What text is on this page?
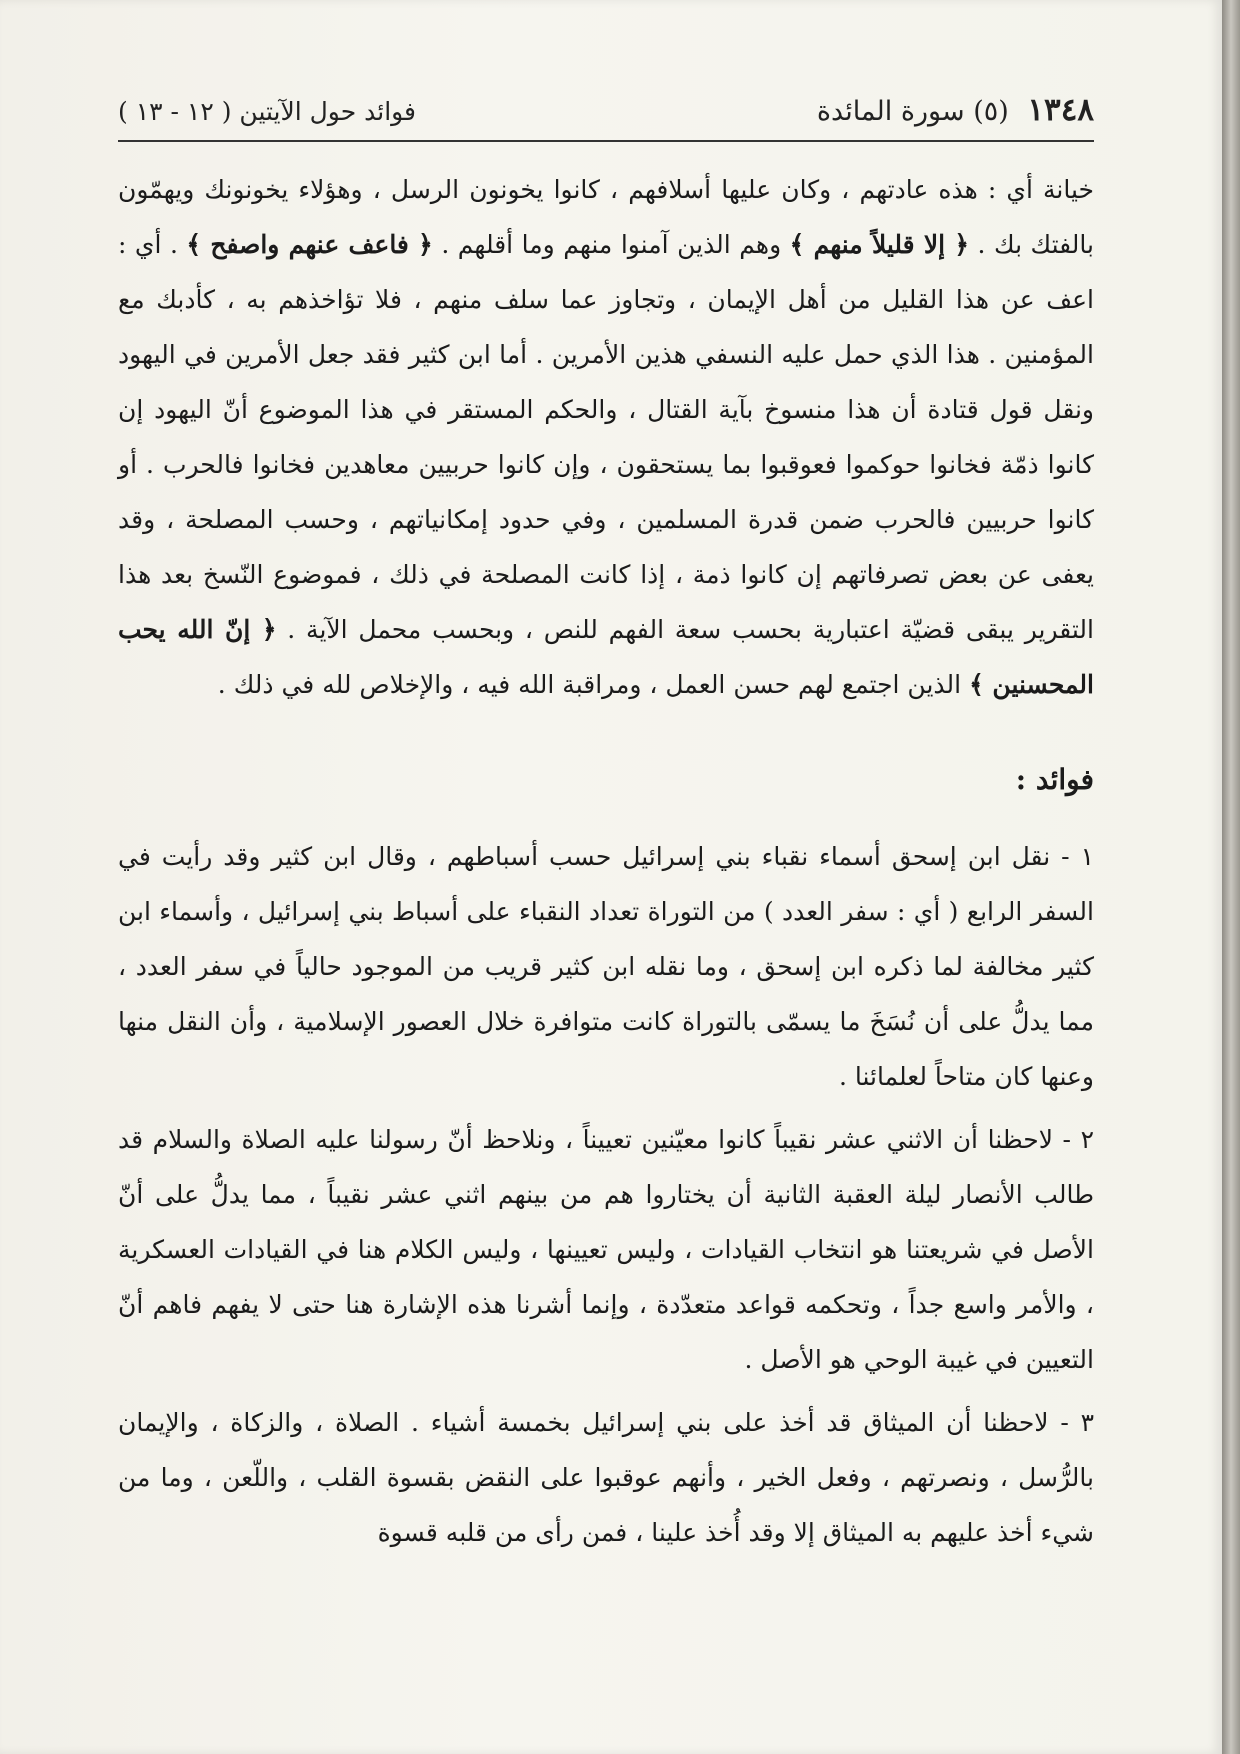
١٣٤٨ (٥) سورة المائدة
فوائد حول الآيتين ( ١٢ - ١٣ )

خيانة أي : هذه عادتهم ، وكان عليها أسلافهم ، كانوا يخونون الرسل ، وهؤلاء يخونونك ويهمّون بالفتك بك . ﴿ إلا قليلاً منهم ﴾ وهم الذين آمنوا منهم وما أقلهم . ﴿ فاعف عنهم واصفح ﴾ . أي : اعف عن هذا القليل من أهل الإيمان ، وتجاوز عما سلف منهم ، فلا تؤاخذهم به ، كأدبك مع المؤمنين . هذا الذي حمل عليه النسفي هذين الأمرين . أما ابن كثير فقد جعل الأمرين في اليهود ونقل قول قتادة أن هذا منسوخ بآية القتال ، والحكم المستقر في هذا الموضوع أنّ اليهود إن كانوا ذمّة فخانوا حوكموا فعوقبوا بما يستحقون ، وإن كانوا حربيين معاهدين فخانوا فالحرب . أو كانوا حربيين فالحرب ضمن قدرة المسلمين ، وفي حدود إمكانياتهم ، وحسب المصلحة ، وقد يعفى عن بعض تصرفاتهم إن كانوا ذمة ، إذا كانت المصلحة في ذلك ، فموضوع النّسخ بعد هذا التقرير يبقى قضيّة اعتبارية بحسب سعة الفهم للنص ، وبحسب محمل الآية . ﴿ إنّ الله يحب المحسنين ﴾ الذين اجتمع لهم حسن العمل ، ومراقبة الله فيه ، والإخلاص لله في ذلك .

فوائد :

١ - نقل ابن إسحق أسماء نقباء بني إسرائيل حسب أسباطهم ، وقال ابن كثير وقد رأيت في السفر الرابع ( أي : سفر العدد ) من التوراة تعداد النقباء على أسباط بني إسرائيل ، وأسماء ابن كثير مخالفة لما ذكره ابن إسحق ، وما نقله ابن كثير قريب من الموجود حالياً في سفر العدد ، مما يدلُّ على أن نُسَخَ ما يسمّى بالتوراة كانت متوافرة خلال العصور الإسلامية ، وأن النقل منها وعنها كان متاحاً لعلمائنا .

٢ - لاحظنا أن الاثني عشر نقيباً كانوا معيّنين تعييناً ، ونلاحظ أنّ رسولنا عليه الصلاة والسلام قد طالب الأنصار ليلة العقبة الثانية أن يختاروا هم من بينهم اثني عشر نقيباً ، مما يدلُّ على أنّ الأصل في شريعتنا هو انتخاب القيادات ، وليس تعيينها ، وليس الكلام هنا في القيادات العسكرية ، والأمر واسع جداً ، وتحكمه قواعد متعدّدة ، وإنما أشرنا هذه الإشارة هنا حتى لا يفهم فاهم أنّ التعيين في غيبة الوحي هو الأصل .

٣ - لاحظنا أن الميثاق قد أخذ على بني إسرائيل بخمسة أشياء . الصلاة ، والزكاة ، والإيمان بالرُّسل ، ونصرتهم ، وفعل الخير ، وأنهم عوقبوا على النقض بقسوة القلب ، واللّعن ، وما من شيء أخذ عليهم به الميثاق إلا وقد أُخذ علينا ، فمن رأى من قلبه قسوة
